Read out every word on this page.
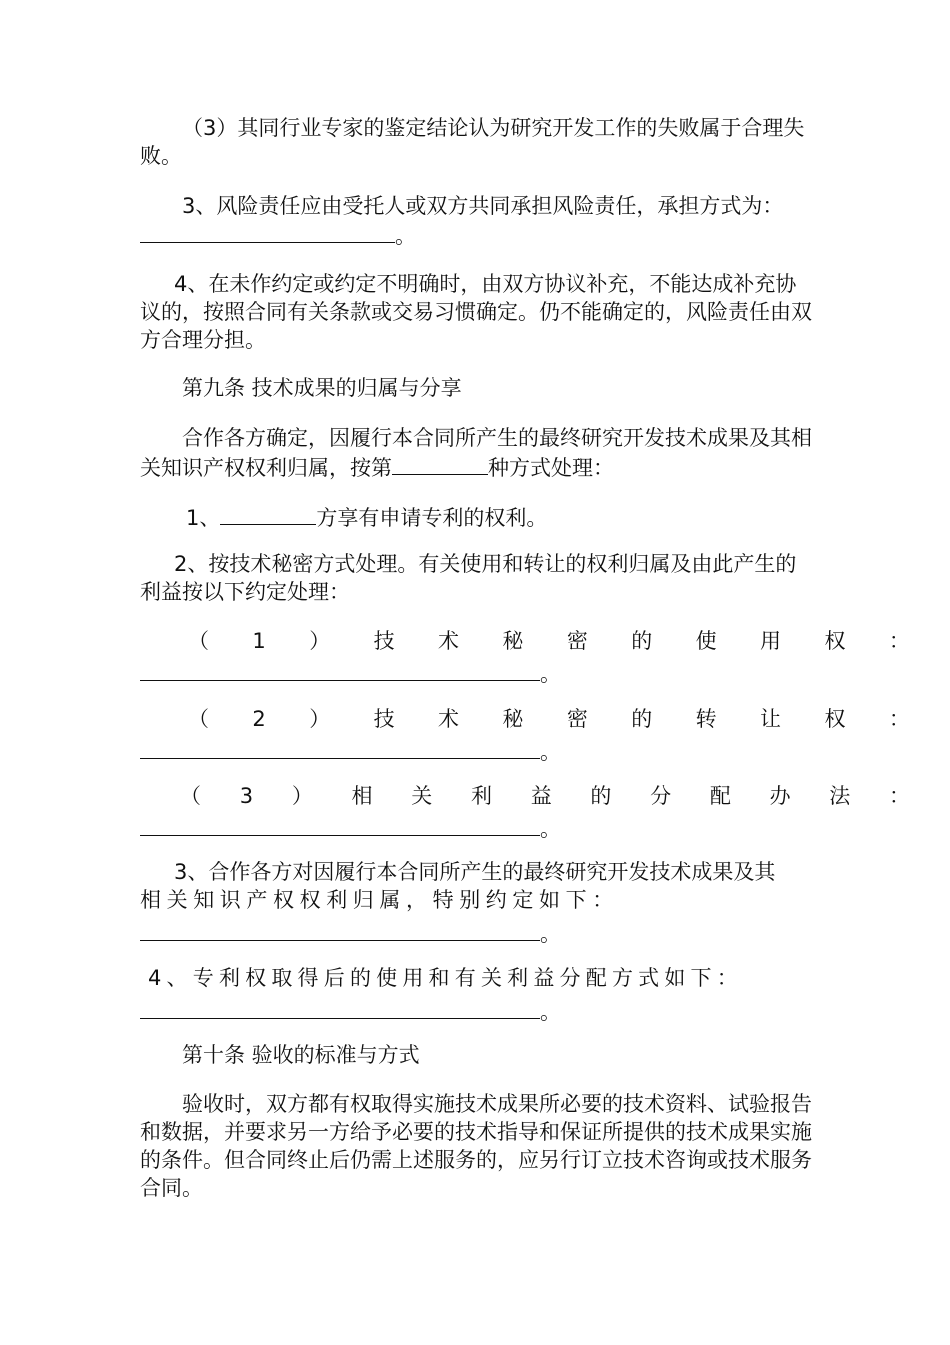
（3）其同行业专家的鉴定结论认为研究开发工作的失败属于合理失败。

3、风险责任应由受托人或双方共同承担风险责任，承担方式为：

。

4、在未作约定或约定不明确时，由双方协议补充，不能达成补充协议的，按照合同有关条款或交易习惯确定。仍不能确定的，风险责任由双方合理分担。

第九条 技术成果的归属与分享

合作各方确定，因履行本合同所产生的最终研究开发技术成果及其相关知识产权权利归属，按第	种方式处理：

1、	方享有申请专利的权利。

2、按技术秘密方式处理。有关使用和转让的权利归属及由此产生的利益按以下约定处理：

（ 1 ） 技 术 秘 密 的 使 用 权 ：
。
（ 2 ） 技 术 秘 密 的 转 让 权 ：
。
（ 3 ） 相 关 利 益 的 分 配 办 法 ：
。

3、合作各方对因履行本合同所产生的最终研究开发技术成果及其

相关知识产权权利归属，特别约定如下：

。

4、专利权取得后的使用和有关利益分配方式如下：

。

第十条 验收的标准与方式

验收时，双方都有权取得实施技术成果所必要的技术资料、试验报告和数据，并要求另一方给予必要的技术指导和保证所提供的技术成果实施的条件。但合同终止后仍需上述服务的，应另行订立技术咨询或技术服务合同。
